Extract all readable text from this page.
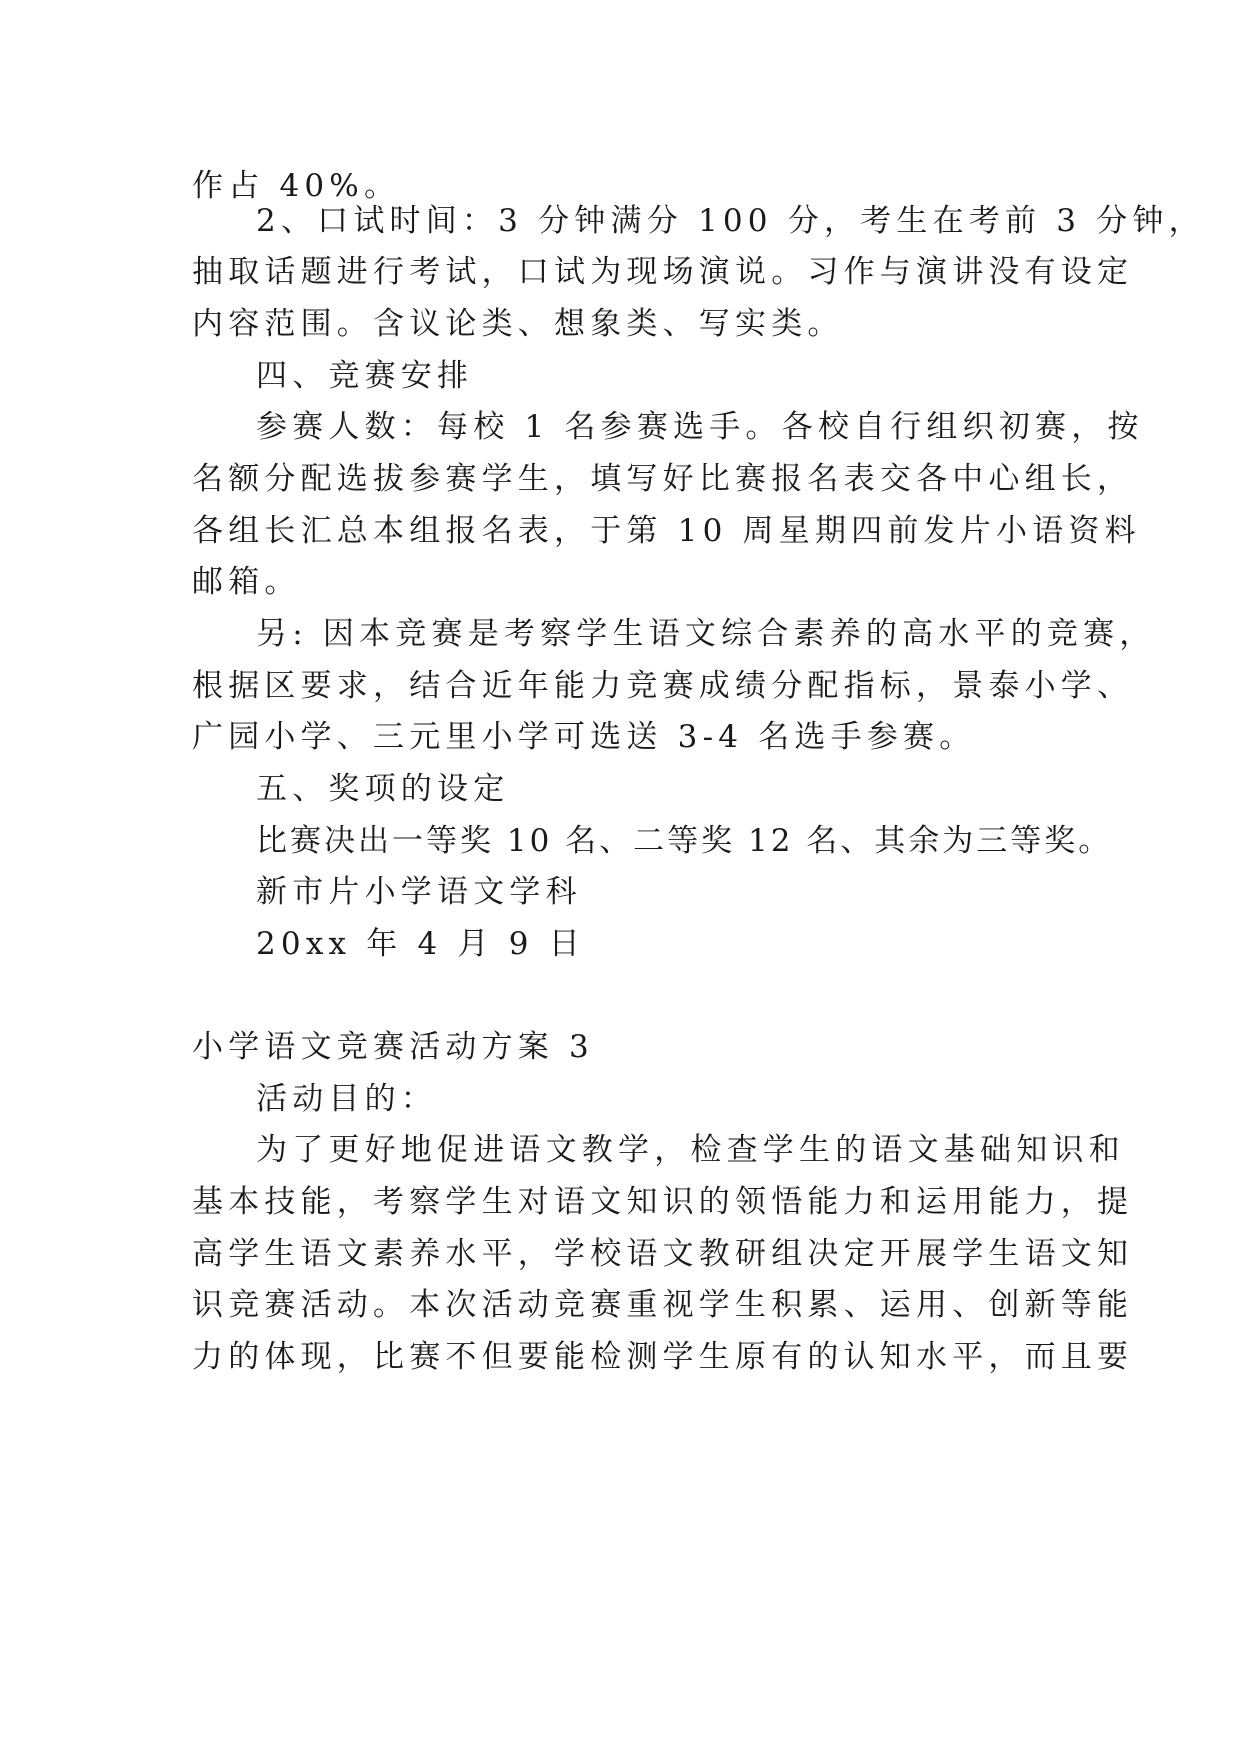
作占 40%。
2、口试时间：3 分钟满分 100 分，考生在考前 3 分钟，
抽取话题进行考试，口试为现场演说。习作与演讲没有设定
内容范围。含议论类、想象类、写实类。
四、竞赛安排
参赛人数：每校 1 名参赛选手。各校自行组织初赛，按
名额分配选拔参赛学生，填写好比赛报名表交各中心组长，
各组长汇总本组报名表，于第 10 周星期四前发片小语资料
邮箱。
另: 因本竞赛是考察学生语文综合素养的高水平的竞赛，
根据区要求，结合近年能力竞赛成绩分配指标，景泰小学、
广园小学、三元里小学可选送 3-4 名选手参赛。
五、奖项的设定
比赛决出一等奖 10 名、二等奖 12 名、其余为三等奖。
新市片小学语文学科
20xx 年 4 月 9 日
小学语文竞赛活动方案 3
活动目的：
为了更好地促进语文教学，检查学生的语文基础知识和
基本技能，考察学生对语文知识的领悟能力和运用能力，提
高学生语文素养水平，学校语文教研组决定开展学生语文知
识竞赛活动。本次活动竞赛重视学生积累、运用、创新等能
力的体现，比赛不但要能检测学生原有的认知水平，而且要
